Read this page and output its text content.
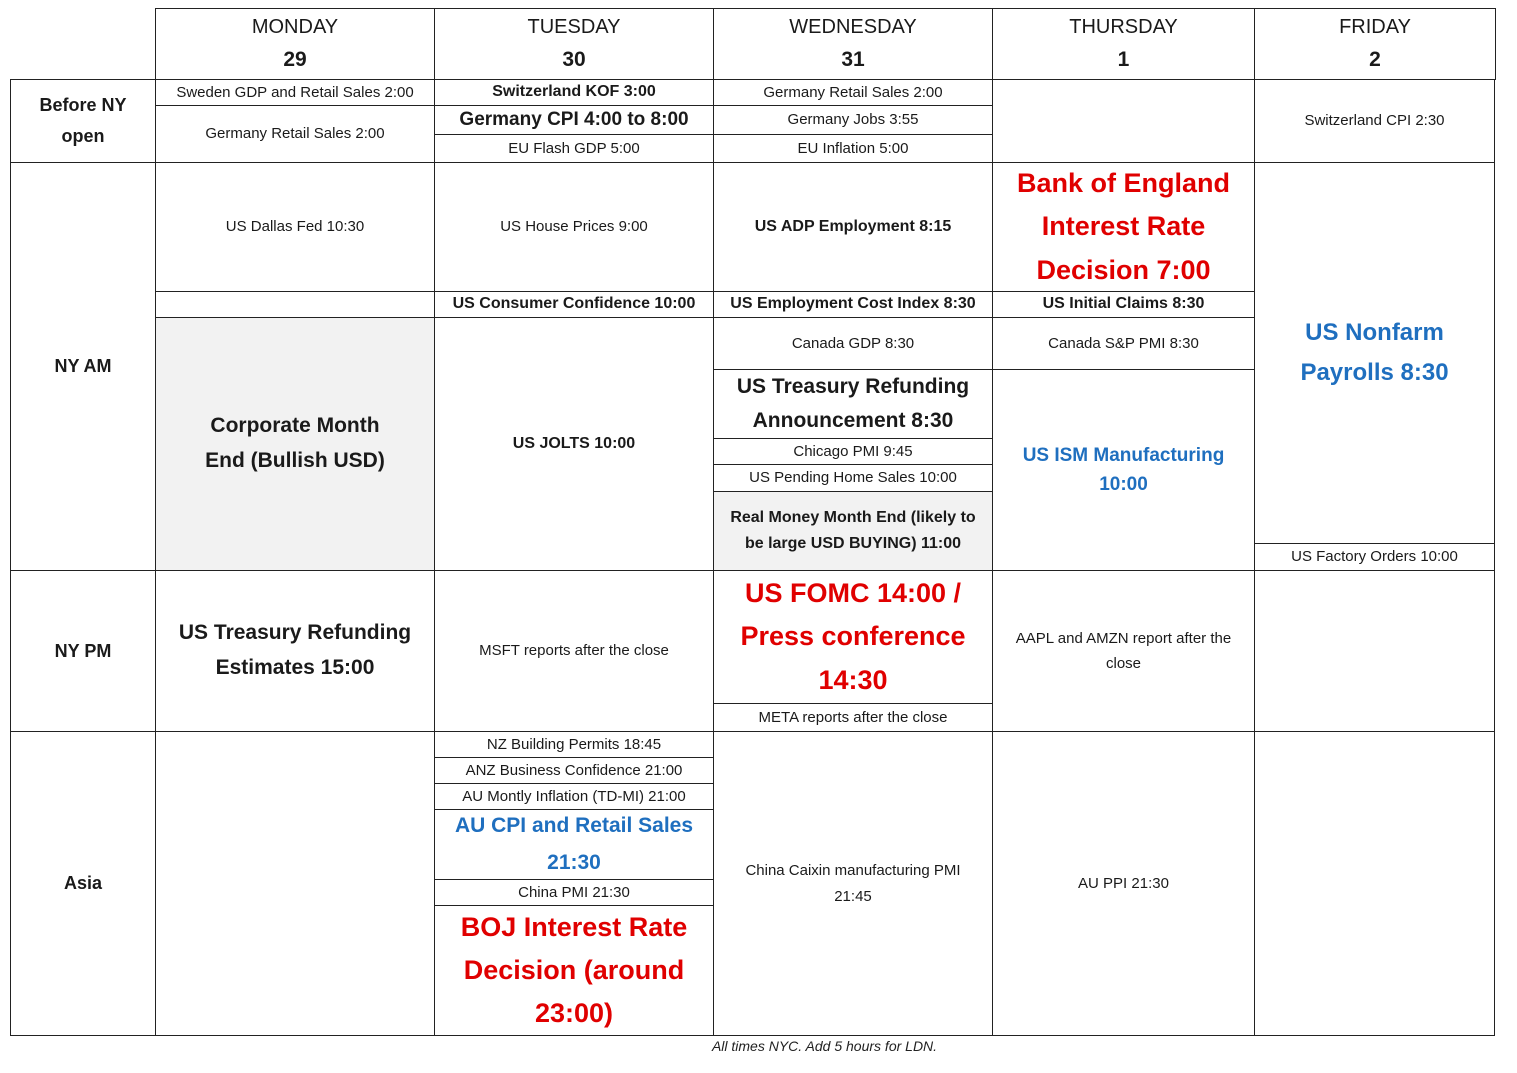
MONDAY
29
TUESDAY
30
WEDNESDAY
31
THURSDAY
1
FRIDAY
2
Before NY open
NY AM
NY PM
Asia
Sweden GDP and Retail Sales 2:00
Germany Retail Sales 2:00
US Dallas Fed 10:30
Corporate Month End (Bullish USD)
US Treasury Refunding Estimates 15:00
Switzerland KOF 3:00
Germany CPI 4:00 to 8:00
EU Flash GDP 5:00
US House Prices 9:00
US Consumer Confidence 10:00
US JOLTS 10:00
MSFT reports after the close
NZ Building Permits 18:45
ANZ Business Confidence 21:00
AU Montly Inflation (TD-MI) 21:00
AU CPI and Retail Sales 21:30
China PMI 21:30
BOJ Interest Rate Decision (around 23:00)
Germany Retail Sales 2:00
Germany Jobs 3:55
EU Inflation 5:00
US ADP Employment 8:15
US Employment Cost Index 8:30
Canada GDP 8:30
US Treasury Refunding Announcement 8:30
Chicago PMI 9:45
US Pending Home Sales 10:00
Real Money Month End (likely to be large USD BUYING) 11:00
US FOMC 14:00 / Press conference 14:30
META reports after the close
China Caixin manufacturing PMI 21:45
Bank of England Interest Rate Decision 7:00
US Initial Claims 8:30
Canada S&P PMI 8:30
US ISM Manufacturing 10:00
AAPL and AMZN report after the close
AU PPI 21:30
Switzerland CPI 2:30
US Nonfarm Payrolls 8:30
US Factory Orders 10:00
All times NYC. Add 5 hours for LDN.
